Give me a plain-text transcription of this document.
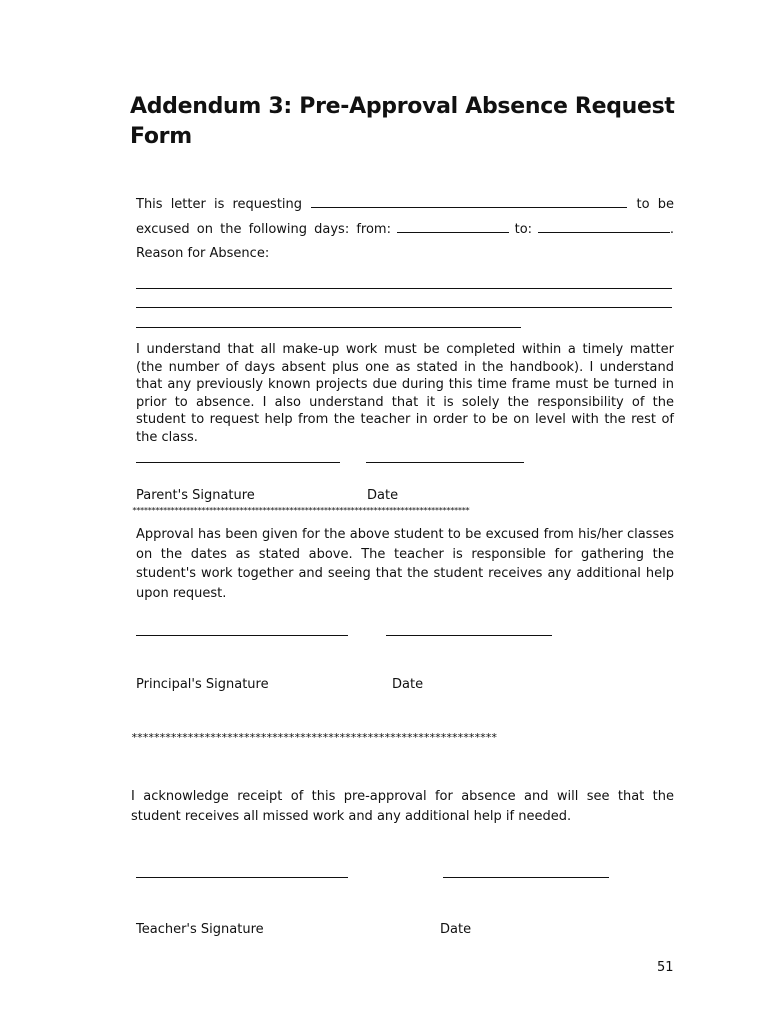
Addendum 3: Pre-Approval Absence Request Form
This letter is requesting	to be
excused on the following days: from:	to:	.
Reason for Absence:
I understand that all make-up work must be completed within a timely matter (the number of days absent plus one as stated in the handbook). I understand that any previously known projects due during this time frame must be turned in prior to absence. I also understand that it is solely the responsibility of the student to request help from the teacher in order to be on level with the rest of the class.
Parent's Signature	Date
****************************************************************************************
Approval has been given for the above student to be excused from his/her classes on the dates as stated above. The teacher is responsible for gathering the student's work together and seeing that the student receives any additional help upon request.
Principal's Signature	Date
*****************************************************************
I acknowledge receipt of this pre-approval for absence and will see that the student receives all missed work and any additional help if needed.
Teacher's Signature	Date
51
